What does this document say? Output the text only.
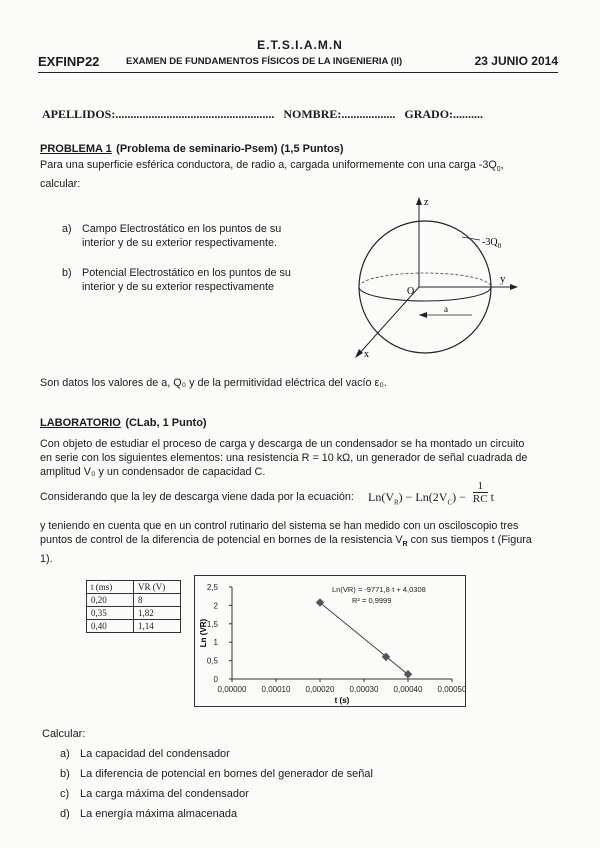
E.T.S.I.A.M.N
EXFINP22	EXAMEN DE FUNDAMENTOS FÍSICOS DE LA INGENIERIA (II)	23 JUNIO 2014
APELLIDOS:..................................................... NOMBRE:.................. GRADO:..........
PROBLEMA 1 (Problema de seminario-Psem) (1,5 Puntos)
Para una superficie esférica conductora, de radio a, cargada uniformemente con una carga $-3Q_0$,
calcular:
a) Campo Electrostático en los puntos de su
interior y de su exterior respectivamente.
b) Potencial Electrostático en los puntos de su
interior y de su exterior respectivamente
z
y
x
O
$-3Q_0$
a
Son datos los valores de a, Q₀ y de la permitividad eléctrica del vacío ε₀.
LABORATORIO (CLab, 1 Punto)
Con objeto de estudiar el proceso de carga y descarga de un condensador se ha montado un circuito
en serie con los siguientes elementos: una resistencia R = 10 kΩ, un generador de señal cuadrada de
amplitud V₀ y un condensador de capacidad C.
Considerando que la ley de descarga viene dada por la ecuación: $Ln(V_R) - Ln(2V_C) - \frac{1}{RC}$ t
y teniendo en cuenta que en un control rutinario del sistema se han medido con un osciloscopio tres
puntos de control de la diferencia de potencial en bornes de la resistencia $V_R$ con sus tiempos t (Figura
1).
t (ms)	VR (V)
0,20	8
0,35	1,82
0,40	1,14
0,00000 0,00010 0,00020 0,00030 0,00040 0,00050
0
0,5
1
1,5
2
2,5
t (s)
Ln (VR)
Ln(VR) = -9771,8·t + 4,0308
R² = 0,9999
Calcular:
a) La capacidad del condensador
b) La diferencia de potencial en bornes del generador de señal
c) La carga máxima del condensador
d) La energía máxima almacenada
